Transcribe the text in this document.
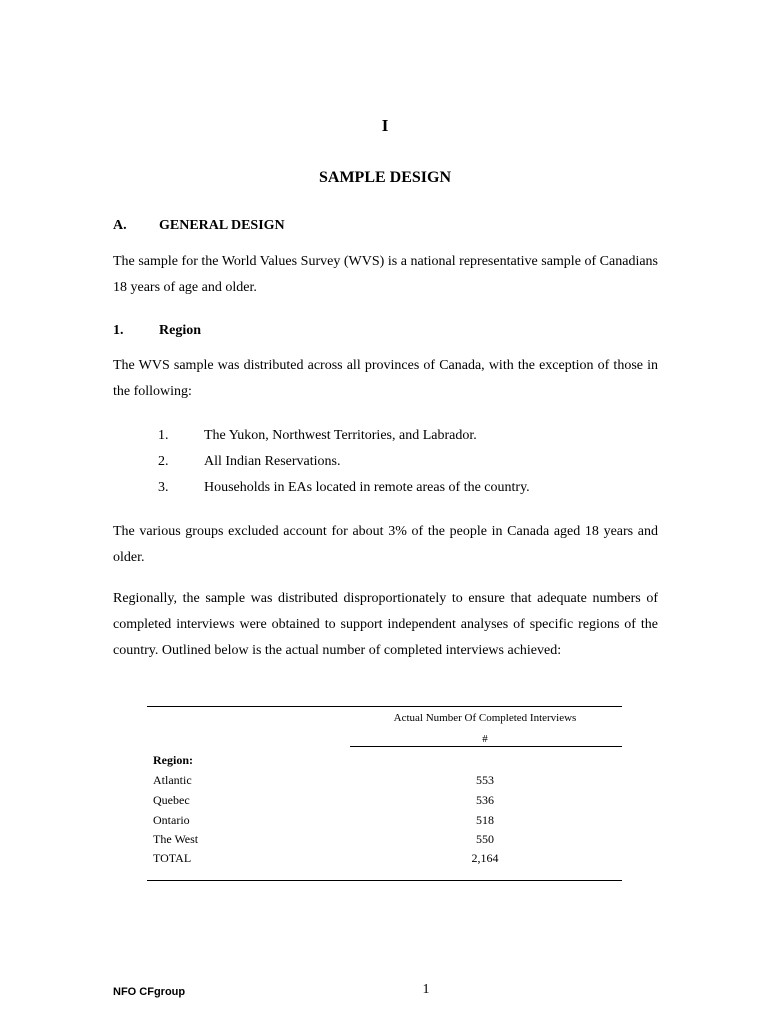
I
SAMPLE DESIGN
A. GENERAL DESIGN
The sample for the World Values Survey (WVS) is a national representative sample of Canadians 18 years of age and older.
1.	Region
The WVS sample was distributed across all provinces of Canada, with the exception of those in the following:
1.	The Yukon, Northwest Territories, and Labrador.
2.	All Indian Reservations.
3.	Households in EAs located in remote areas of the country.
The various groups excluded account for about 3% of the people in Canada aged 18 years and older.
Regionally, the sample was distributed disproportionately to ensure that adequate numbers of completed interviews were obtained to support independent analyses of specific regions of the country. Outlined below is the actual number of completed interviews achieved:
Actual Number Of Completed Interviews
#
Region:
Atlantic	553
Quebec	536
Ontario	518
The West	550
TOTAL	2,164
NFO CFgroup	1
